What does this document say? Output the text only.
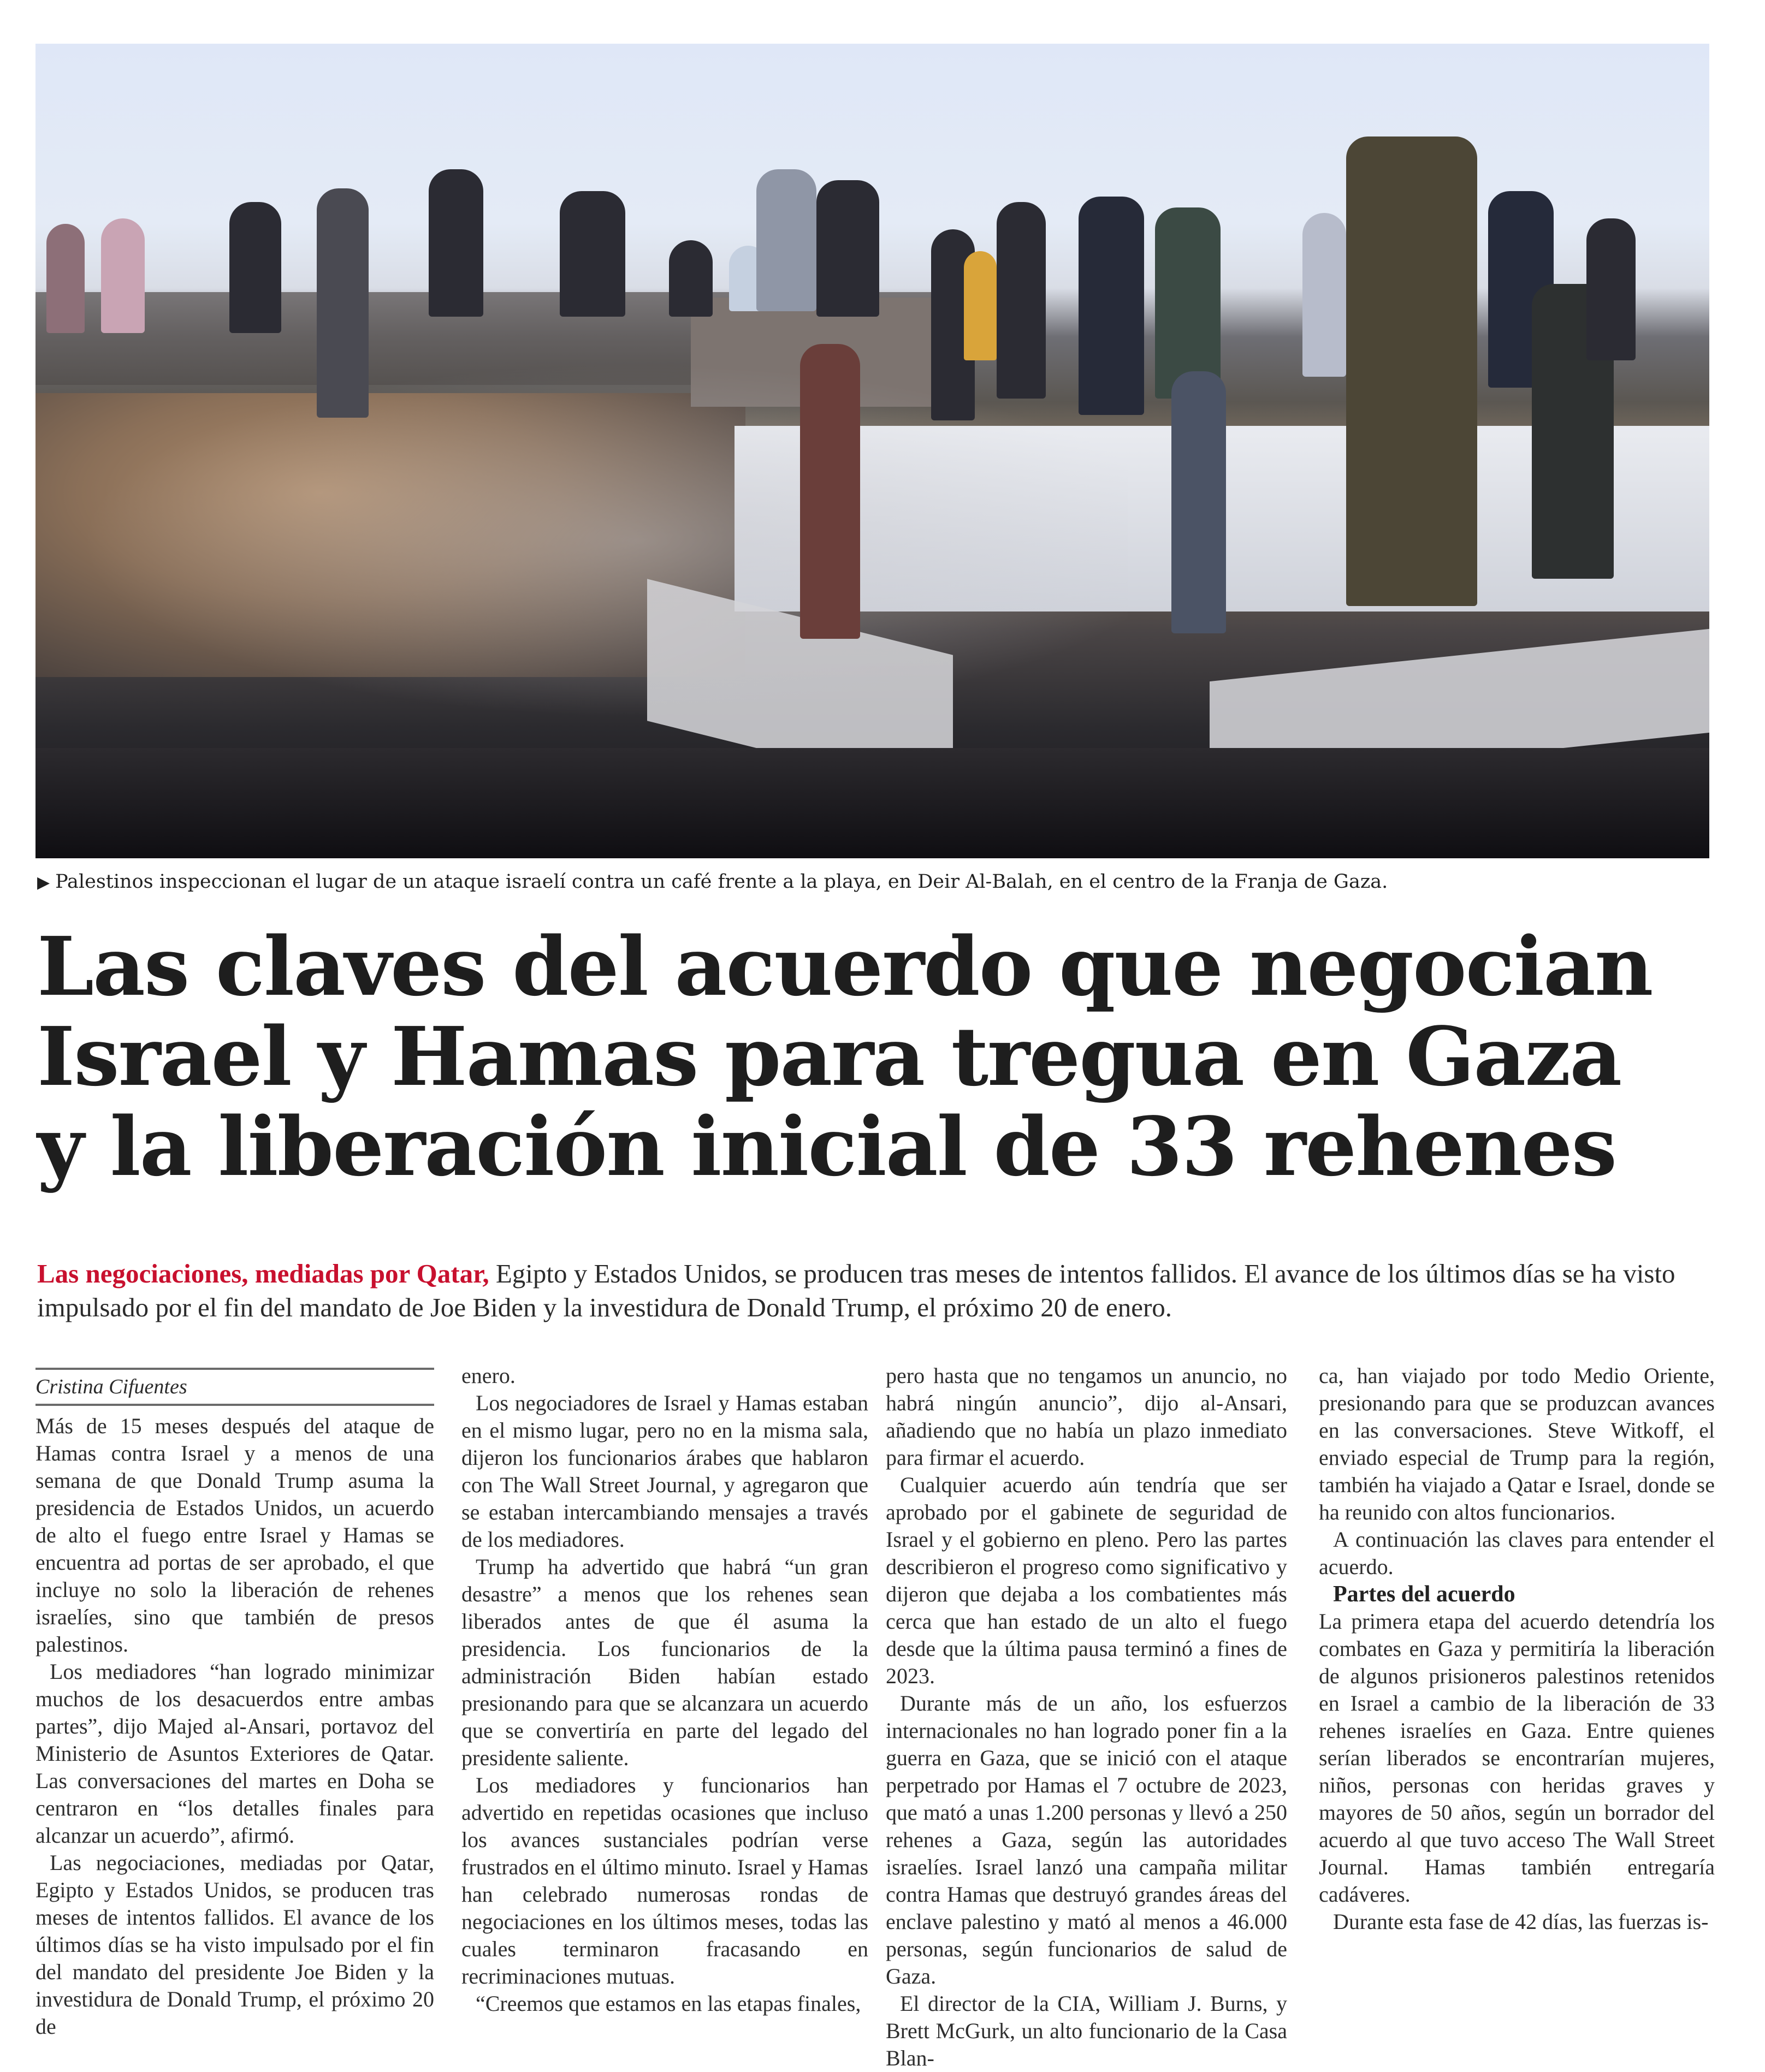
▶ Palestinos inspeccionan el lugar de un ataque israelí contra un café frente a la playa, en Deir Al-Balah, en el centro de la Franja de Gaza.
Las claves del acuerdo que negocian
Israel y Hamas para tregua en Gaza
y la liberación inicial de 33 rehenes
Las negociaciones, mediadas por Qatar, Egipto y Estados Unidos, se producen tras meses de intentos fallidos. El avance de los últimos días se ha visto impulsado por el fin del mandato de Joe Biden y la investidura de Donald Trump, el próximo 20 de enero.
Cristina Cifuentes

Más de 15 meses después del ataque de Hamas contra Israel y a menos de una semana de que Donald Trump asuma la presidencia de Estados Unidos, un acuerdo de alto el fuego entre Israel y Hamas se encuentra ad portas de ser aprobado, el que incluye no solo la liberación de rehenes israelíes, sino que también de presos palestinos.

Los mediadores “han logrado minimizar muchos de los desacuerdos entre ambas partes”, dijo Majed al-Ansari, portavoz del Ministerio de Asuntos Exteriores de Qatar. Las conversaciones del martes en Doha se centraron en “los detalles finales para alcanzar un acuerdo”, afirmó.

Las negociaciones, mediadas por Qatar, Egipto y Estados Unidos, se producen tras meses de intentos fallidos. El avance de los últimos días se ha visto impulsado por el fin del mandato del presidente Joe Biden y la investidura de Donald Trump, el próximo 20 de

enero.

Los negociadores de Israel y Hamas estaban en el mismo lugar, pero no en la misma sala, dijeron los funcionarios árabes que hablaron con The Wall Street Journal, y agregaron que se estaban intercambiando mensajes a través de los mediadores.

Trump ha advertido que habrá “un gran desastre” a menos que los rehenes sean liberados antes de que él asuma la presidencia. Los funcionarios de la administración Biden habían estado presionando para que se alcanzara un acuerdo que se convertiría en parte del legado del presidente saliente.

Los mediadores y funcionarios han advertido en repetidas ocasiones que incluso los avances sustanciales podrían verse frustrados en el último minuto. Israel y Hamas han celebrado numerosas rondas de negociaciones en los últimos meses, todas las cuales terminaron fracasando en recriminaciones mutuas.

“Creemos que estamos en las etapas finales,

pero hasta que no tengamos un anuncio, no habrá ningún anuncio”, dijo al-Ansari, añadiendo que no había un plazo inmediato para firmar el acuerdo.

Cualquier acuerdo aún tendría que ser aprobado por el gabinete de seguridad de Israel y el gobierno en pleno. Pero las partes describieron el progreso como significativo y dijeron que dejaba a los combatientes más cerca que han estado de un alto el fuego desde que la última pausa terminó a fines de 2023.

Durante más de un año, los esfuerzos internacionales no han logrado poner fin a la guerra en Gaza, que se inició con el ataque perpetrado por Hamas el 7 octubre de 2023, que mató a unas 1.200 personas y llevó a 250 rehenes a Gaza, según las autoridades israelíes. Israel lanzó una campaña militar contra Hamas que destruyó grandes áreas del enclave palestino y mató al menos a 46.000 personas, según funcionarios de salud de Gaza.

El director de la CIA, William J. Burns, y Brett McGurk, un alto funcionario de la Casa Blan-

ca, han viajado por todo Medio Oriente, presionando para que se produzcan avances en las conversaciones. Steve Witkoff, el enviado especial de Trump para la región, también ha viajado a Qatar e Israel, donde se ha reunido con altos funcionarios.

A continuación las claves para entender el acuerdo.

Partes del acuerdo

La primera etapa del acuerdo detendría los combates en Gaza y permitiría la liberación de algunos prisioneros palestinos retenidos en Israel a cambio de la liberación de 33 rehenes israelíes en Gaza. Entre quienes serían liberados se encontrarían mujeres, niños, personas con heridas graves y mayores de 50 años, según un borrador del acuerdo al que tuvo acceso The Wall Street Journal. Hamas también entregaría cadáveres.

Durante esta fase de 42 días, las fuerzas is-
